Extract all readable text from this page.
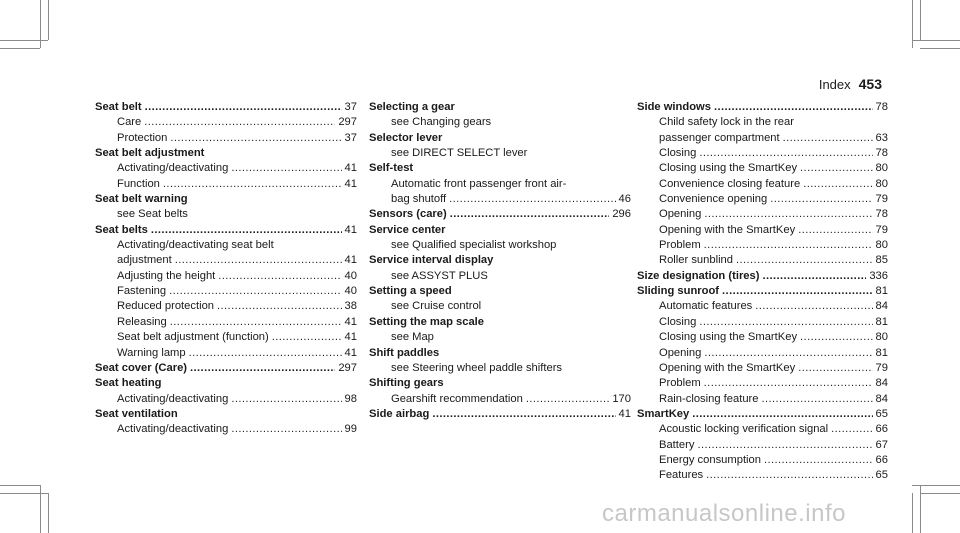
Index 453
Seat belt .....	37
Care .....	297
Protection .....	37
Seat belt adjustment
Activating/deactivating .....	41
Function .....	41
Seat belt warning
see Seat belts
Seat belts .....	41
Activating/deactivating seat belt
adjustment .....	41
Adjusting the height .....	40
Fastening .....	40
Reduced protection .....	38
Releasing .....	41
Seat belt adjustment (function) .....	41
Warning lamp .....	41
Seat cover (Care) .....	297
Seat heating
Activating/deactivating .....	98
Seat ventilation
Activating/deactivating .....	99
Selecting a gear
see Changing gears
Selector lever
see DIRECT SELECT lever
Self-test
Automatic front passenger front air-
bag shutoff .....	46
Sensors (care) .....	296
Service center
see Qualified specialist workshop
Service interval display
see ASSYST PLUS
Setting a speed
see Cruise control
Setting the map scale
see Map
Shift paddles
see Steering wheel paddle shifters
Shifting gears
Gearshift recommendation .....	170
Side airbag .....	41
Side windows .....	78
Child safety lock in the rear
passenger compartment .....	63
Closing .....	78
Closing using the SmartKey .....	80
Convenience closing feature .....	80
Convenience opening .....	79
Opening .....	78
Opening with the SmartKey .....	79
Problem .....	80
Roller sunblind .....	85
Size designation (tires) .....	336
Sliding sunroof .....	81
Automatic features .....	84
Closing .....	81
Closing using the SmartKey .....	80
Opening .....	81
Opening with the SmartKey .....	79
Problem .....	84
Rain-closing feature .....	84
SmartKey .....	65
Acoustic locking verification signal .....	66
Battery .....	67
Energy consumption .....	66
Features .....	65
carmanualsonline.info
